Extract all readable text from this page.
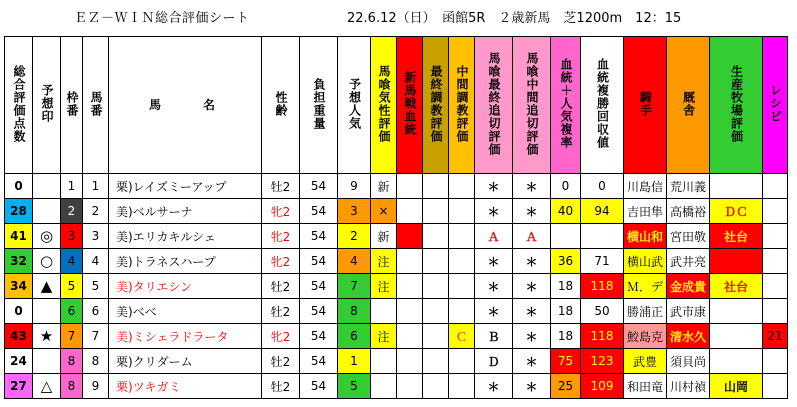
ＥＺ－ＷＩＮ総合評価シート	22.6.12（日）　函館5R　２歳新馬　芝1200m　12：15
総合評価点数	予想印	枠番	馬番	馬　　名	性齢	負担重量	予想人気	馬喰気性評価	新馬戦血統	最終調教評価	中間調教評価	馬喰最終追切評価	馬喰中間追切評価	血統＋人気複率	血統複勝回収値	騎手	厩舎	生産牧場評価	レシピ
0		1	1	栗)レイズミーアップ	牡2	54	9	新				＊	＊	0	0	川島信	荒川義		
28		2	2	美)ベルサーナ	牝2	54	3	×				＊	＊	40	94	吉田隼	高橋裕	ＤＣ	
41	◎	3	3	美)エリカキルシェ	牝2	54	2	新				Ａ	Ａ			横山和	宮田敬	社台	
32	○	4	4	美)トラネスハープ	牝2	54	4	注				＊	＊	36	71	横山武	武井亮	ＮＦ	
34	▲	5	5	美)タリエシン	牡2	54	7	注				＊	＊	18	118	Ｍ．デ	金成貴	社台	
0		6	6	美)ベベ	牡2	54	8					＊	＊	18	50	勝浦正	武市康		
43	★	7	7	美)ミシェラドラータ	牝2	54	6	注			Ｃ	Ｂ	＊	18	118	鮫島克	清水久		21
24		8	8	栗)クリダーム	牡2	54	1					Ｄ	＊	75	123	武豊	須貝尚		
27	△	8	9	栗)ツキガミ	牡2	54	5					＊	＊	25	109	和田竜	川村禎	山岡	
